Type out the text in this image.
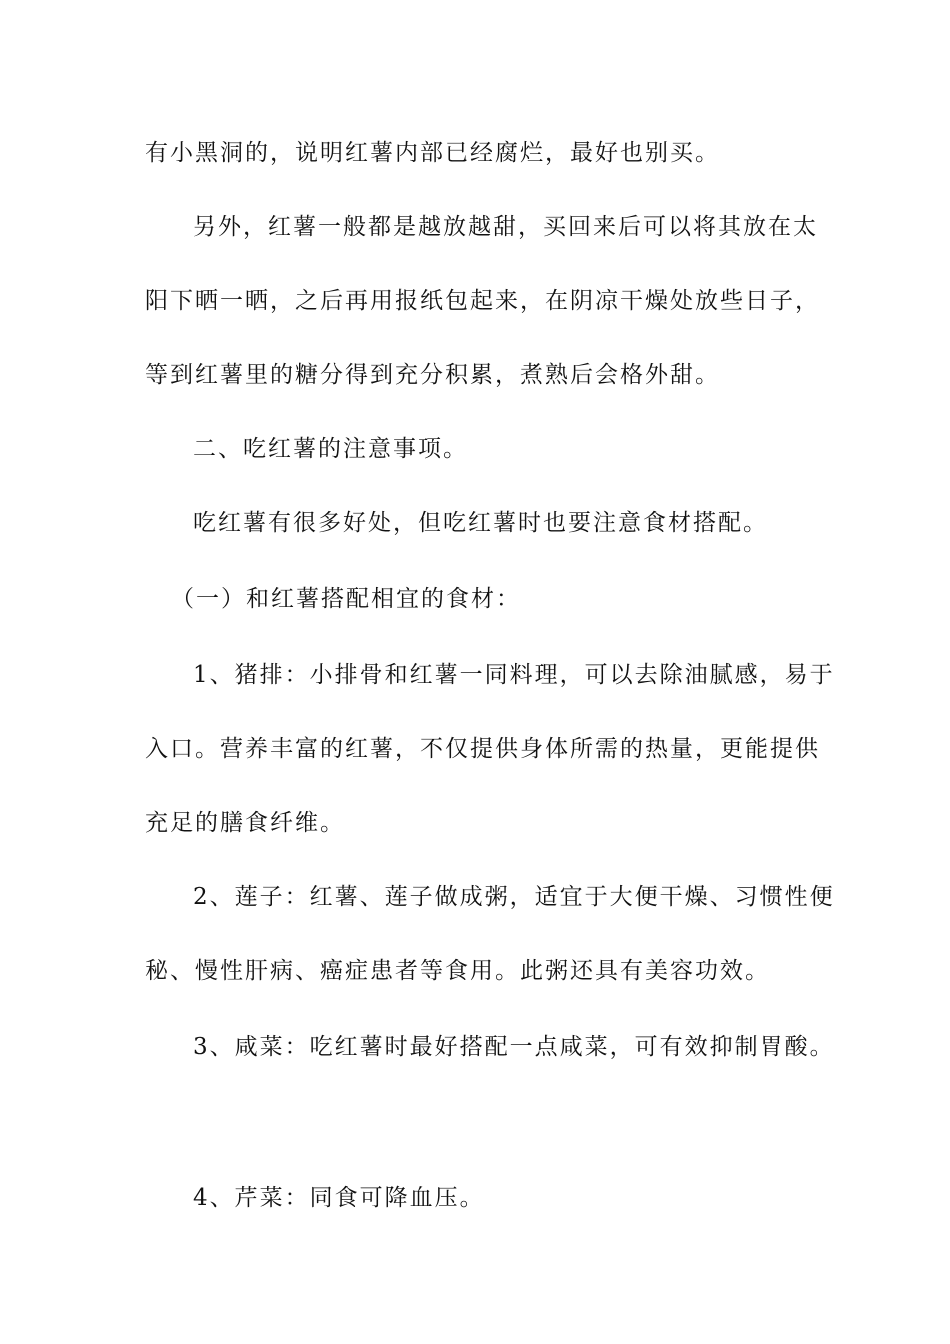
有小黑洞的，说明红薯内部已经腐烂，最好也别买。
另外，红薯一般都是越放越甜，买回来后可以将其放在太
阳下晒一晒，之后再用报纸包起来，在阴凉干燥处放些日子，
等到红薯里的糖分得到充分积累，煮熟后会格外甜。
二、吃红薯的注意事项。
吃红薯有很多好处，但吃红薯时也要注意食材搭配。
（一）和红薯搭配相宜的食材：
1、猪排：小排骨和红薯一同料理，可以去除油腻感，易于
入口。营养丰富的红薯，不仅提供身体所需的热量，更能提供
充足的膳食纤维。
2、莲子：红薯、莲子做成粥，适宜于大便干燥、习惯性便
秘、慢性肝病、癌症患者等食用。此粥还具有美容功效。
3、咸菜：吃红薯时最好搭配一点咸菜，可有效抑制胃酸。
4、芹菜：同食可降血压。
